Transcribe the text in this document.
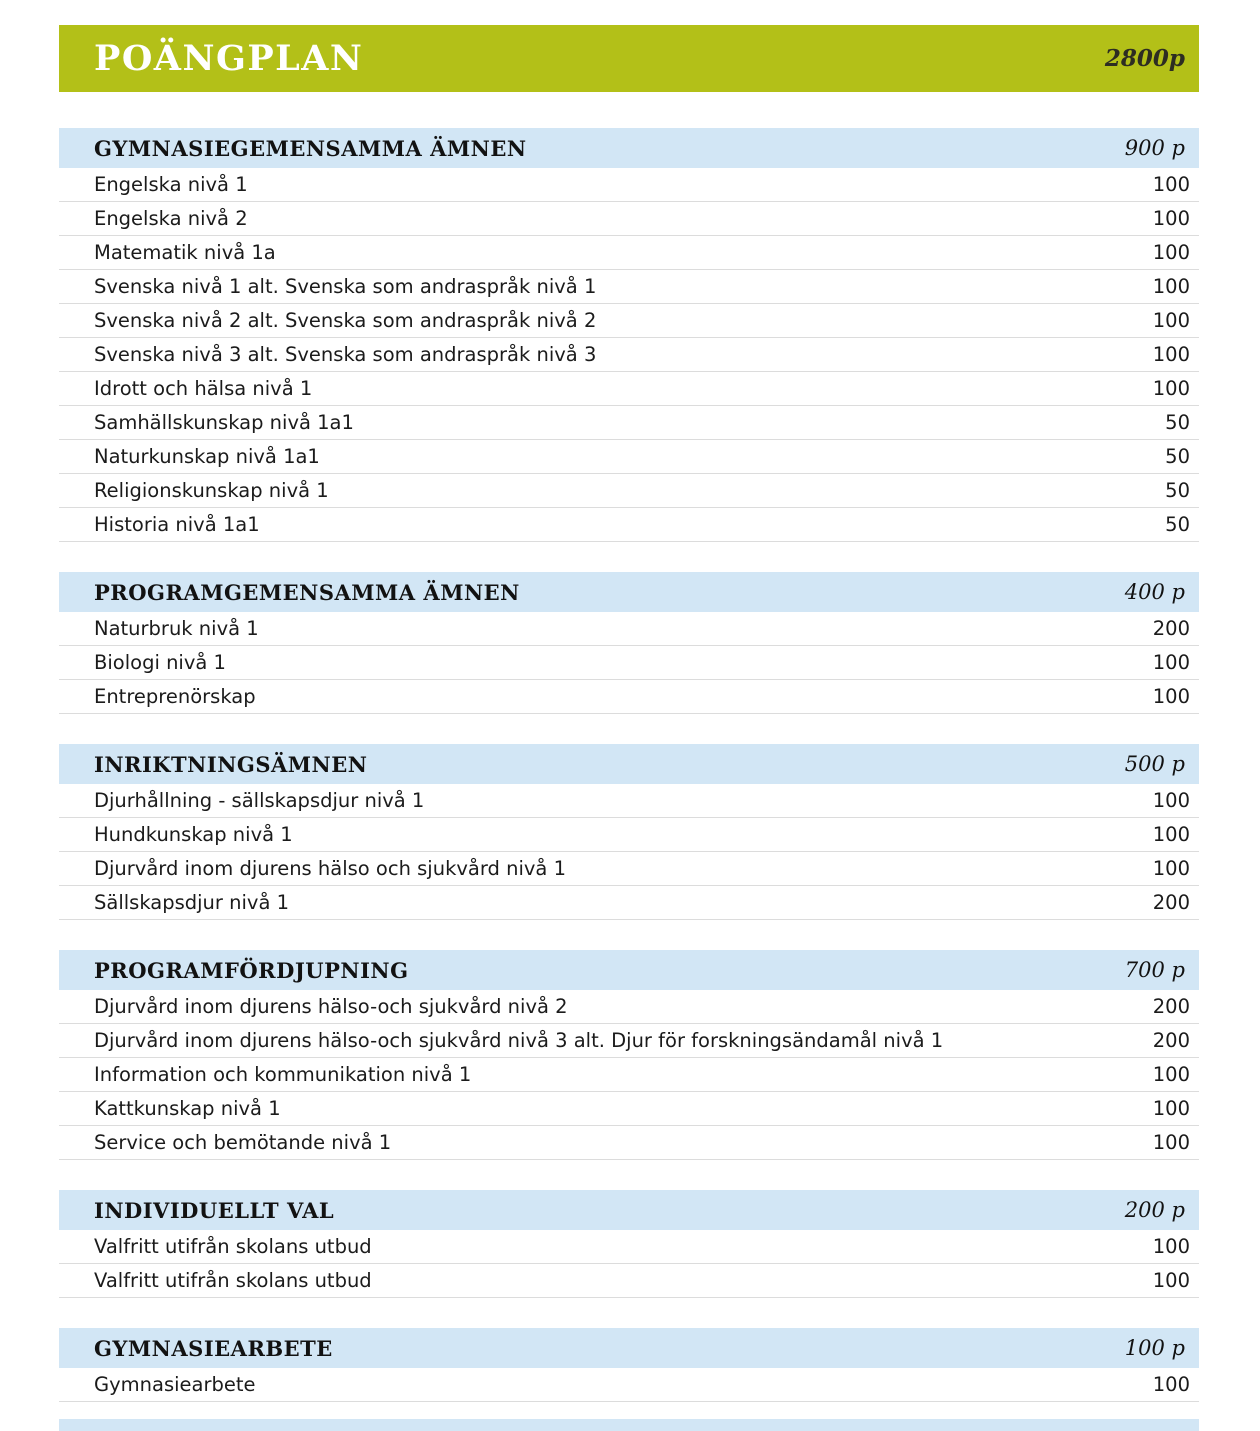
POÄNGPLAN	2800p
GYMNASIEGEMENSAMMA ÄMNEN	900 p
Engelska nivå 1	100
Engelska nivå 2	100
Matematik nivå 1a	100
Svenska nivå 1 alt. Svenska som andraspråk nivå 1	100
Svenska nivå 2 alt. Svenska som andraspråk nivå 2	100
Svenska nivå 3 alt. Svenska som andraspråk nivå 3	100
Idrott och hälsa nivå 1	100
Samhällskunskap nivå 1a1	50
Naturkunskap nivå 1a1	50
Religionskunskap nivå 1	50
Historia nivå 1a1	50
PROGRAMGEMENSAMMA ÄMNEN	400 p
Naturbruk nivå 1	200
Biologi nivå 1	100
Entreprenörskap	100
INRIKTNINGSÄMNEN	500 p
Djurhållning - sällskapsdjur nivå 1	100
Hundkunskap nivå 1	100
Djurvård inom djurens hälso och sjukvård nivå 1	100
Sällskapsdjur nivå 1	200
PROGRAMFÖRDJUPNING	700 p
Djurvård inom djurens hälso-och sjukvård nivå 2	200
Djurvård inom djurens hälso-och sjukvård nivå 3 alt. Djur för forskningsändamål nivå 1	200
Information och kommunikation nivå 1	100
Kattkunskap nivå 1	100
Service och bemötande nivå 1	100
INDIVIDUELLT VAL	200 p
Valfritt utifrån skolans utbud	100
Valfritt utifrån skolans utbud	100
GYMNASIEARBETE	100 p
Gymnasiearbete	100
